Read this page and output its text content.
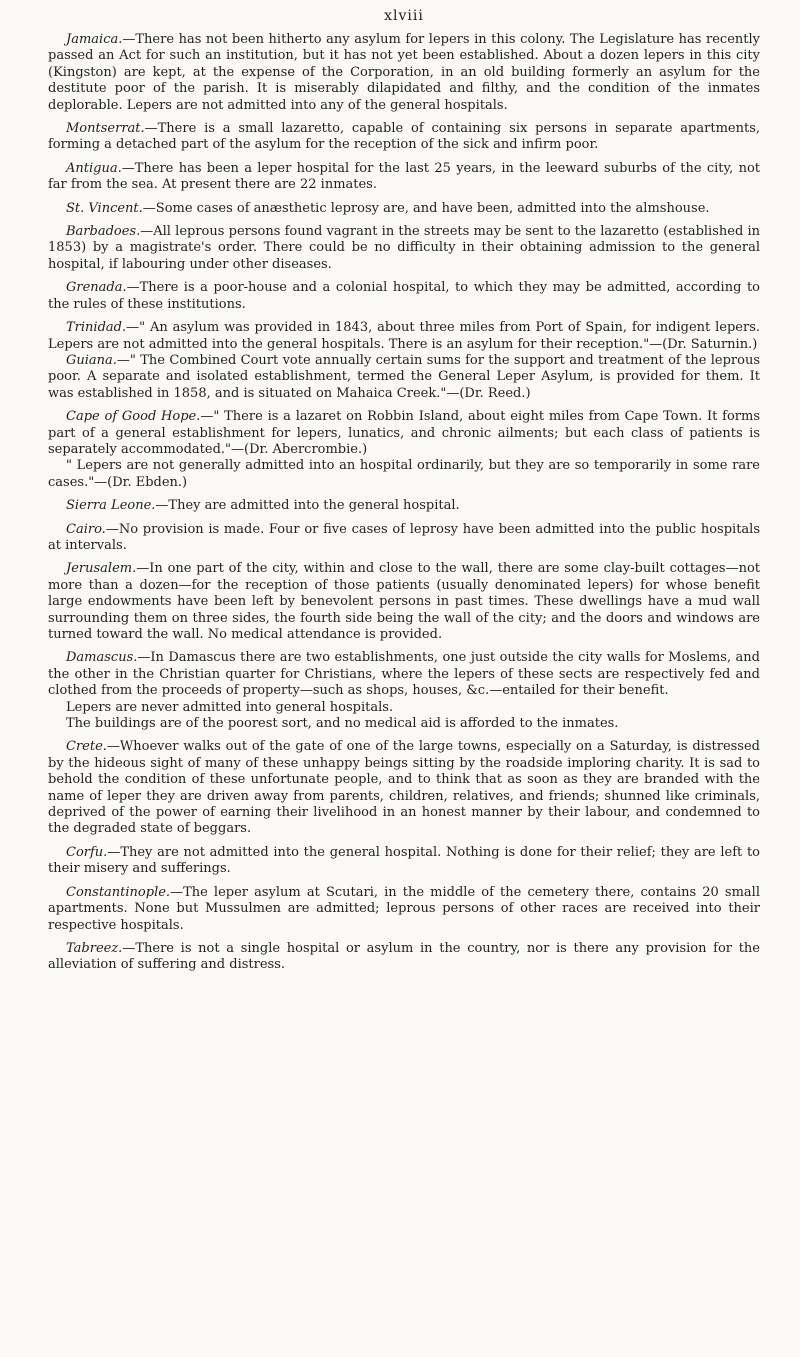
xlviii

Jamaica.—There has not been hitherto any asylum for lepers in this colony. The Legislature has recently passed an Act for such an institution, but it has not yet been established. About a dozen lepers in this city (Kingston) are kept, at the expense of the Corporation, in an old building formerly an asylum for the destitute poor of the parish. It is miserably dilapidated and filthy, and the condition of the inmates deplorable. Lepers are not admitted into any of the general hospitals.

Montserrat.—There is a small lazaretto, capable of containing six persons in separate apartments, forming a detached part of the asylum for the reception of the sick and infirm poor.

Antigua.—There has been a leper hospital for the last 25 years, in the leeward suburbs of the city, not far from the sea. At present there are 22 inmates.

St. Vincent.—Some cases of anæsthetic leprosy are, and have been, admitted into the almshouse.

Barbadoes.—All leprous persons found vagrant in the streets may be sent to the lazaretto (established in 1853) by a magistrate's order. There could be no difficulty in their obtaining admission to the general hospital, if labouring under other diseases.

Grenada.—There is a poor-house and a colonial hospital, to which they may be admitted, according to the rules of these institutions.

Trinidad.—" An asylum was provided in 1843, about three miles from Port of Spain, for indigent lepers. Lepers are not admitted into the general hospitals. There is an asylum for their reception."—(Dr. Saturnin.)

Guiana.—" The Combined Court vote annually certain sums for the support and treatment of the leprous poor. A separate and isolated establishment, termed the General Leper Asylum, is provided for them. It was established in 1858, and is situated on Mahaica Creek."—(Dr. Reed.)

Cape of Good Hope.—" There is a lazaret on Robbin Island, about eight miles from Cape Town. It forms part of a general establishment for lepers, lunatics, and chronic ailments; but each class of patients is separately accommodated."—(Dr. Abercrombie.)

" Lepers are not generally admitted into an hospital ordinarily, but they are so temporarily in some rare cases."—(Dr. Ebden.)

Sierra Leone.—They are admitted into the general hospital.

Cairo.—No provision is made. Four or five cases of leprosy have been admitted into the public hospitals at intervals.

Jerusalem.—In one part of the city, within and close to the wall, there are some clay-built cottages—not more than a dozen—for the reception of those patients (usually denominated lepers) for whose benefit large endowments have been left by benevolent persons in past times. These dwellings have a mud wall surrounding them on three sides, the fourth side being the wall of the city; and the doors and windows are turned toward the wall. No medical attendance is provided.

Damascus.—In Damascus there are two establishments, one just outside the city walls for Moslems, and the other in the Christian quarter for Christians, where the lepers of these sects are respectively fed and clothed from the proceeds of property—such as shops, houses, &c.—entailed for their benefit.

Lepers are never admitted into general hospitals.

The buildings are of the poorest sort, and no medical aid is afforded to the inmates.

Crete.—Whoever walks out of the gate of one of the large towns, especially on a Saturday, is distressed by the hideous sight of many of these unhappy beings sitting by the roadside imploring charity. It is sad to behold the condition of these unfortunate people, and to think that as soon as they are branded with the name of leper they are driven away from parents, children, relatives, and friends; shunned like criminals, deprived of the power of earning their livelihood in an honest manner by their labour, and condemned to the degraded state of beggars.

Corfu.—They are not admitted into the general hospital. Nothing is done for their relief; they are left to their misery and sufferings.

Constantinople.—The leper asylum at Scutari, in the middle of the cemetery there, contains 20 small apartments. None but Mussulmen are admitted; leprous persons of other races are received into their respective hospitals.

Tabreez.—There is not a single hospital or asylum in the country, nor is there any provision for the alleviation of suffering and distress.
